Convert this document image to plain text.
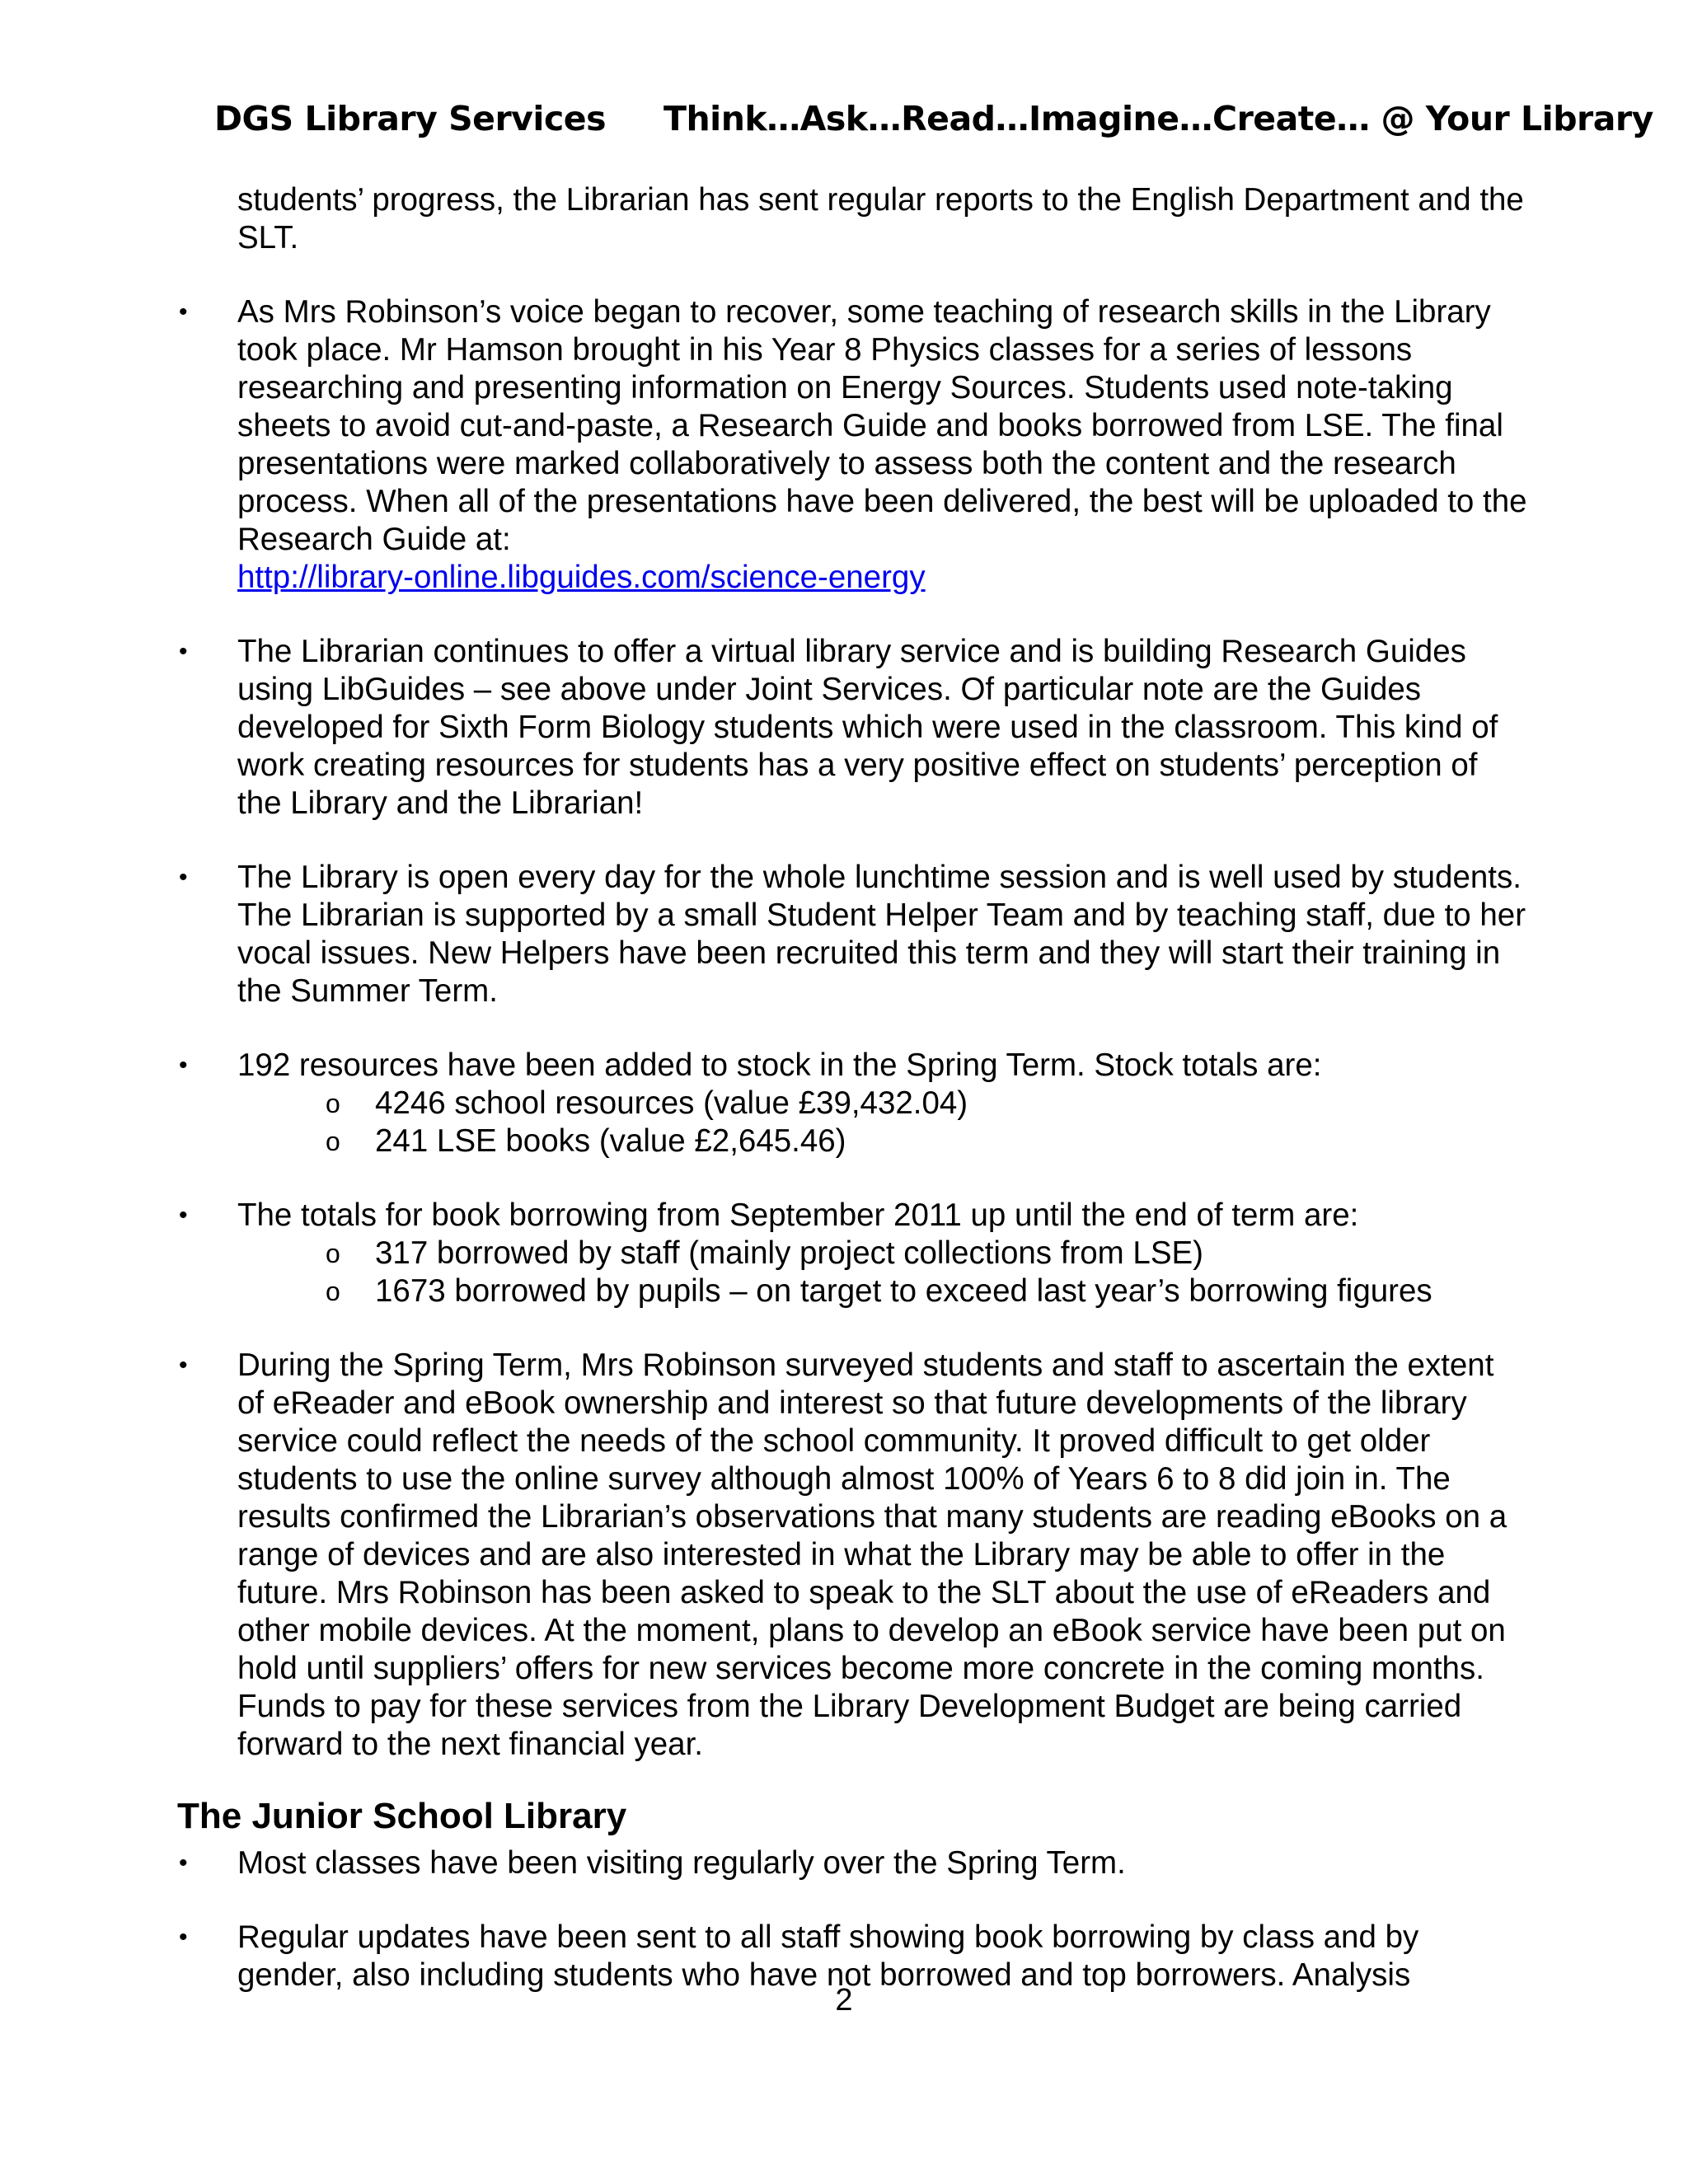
DGS Library Services Think…Ask…Read…Imagine…Create… @ Your Library

students’ progress, the Librarian has sent regular reports to the English Department and the SLT.

•	As Mrs Robinson’s voice began to recover, some teaching of research skills in the Library took place. Mr Hamson brought in his Year 8 Physics classes for a series of lessons researching and presenting information on Energy Sources. Students used note-taking sheets to avoid cut-and-paste, a Research Guide and books borrowed from LSE. The final presentations were marked collaboratively to assess both the content and the research process. When all of the presentations have been delivered, the best will be uploaded to the Research Guide at:
http://library-online.libguides.com/science-energy
•	The Librarian continues to offer a virtual library service and is building Research Guides using LibGuides – see above under Joint Services. Of particular note are the Guides developed for Sixth Form Biology students which were used in the classroom. This kind of work creating resources for students has a very positive effect on students’ perception of the Library and the Librarian!
•	The Library is open every day for the whole lunchtime session and is well used by students. The Librarian is supported by a small Student Helper Team and by teaching staff, due to her vocal issues. New Helpers have been recruited this term and they will start their training in the Summer Term.
•	192 resources have been added to stock in the Spring Term. Stock totals are:
o 4246 school resources (value £39,432.04)
o 241 LSE books (value £2,645.46)
•	The totals for book borrowing from September 2011 up until the end of term are:
o 317 borrowed by staff (mainly project collections from LSE)
o 1673 borrowed by pupils – on target to exceed last year’s borrowing figures
•	During the Spring Term, Mrs Robinson surveyed students and staff to ascertain the extent of eReader and eBook ownership and interest so that future developments of the library service could reflect the needs of the school community. It proved difficult to get older students to use the online survey although almost 100% of Years 6 to 8 did join in. The results confirmed the Librarian’s observations that many students are reading eBooks on a range of devices and are also interested in what the Library may be able to offer in the future. Mrs Robinson has been asked to speak to the SLT about the use of eReaders and other mobile devices. At the moment, plans to develop an eBook service have been put on hold until suppliers’ offers for new services become more concrete in the coming months. Funds to pay for these services from the Library Development Budget are being carried forward to the next financial year.
The Junior School Library
•	Most classes have been visiting regularly over the Spring Term.
•	Regular updates have been sent to all staff showing book borrowing by class and by gender, also including students who have not borrowed and top borrowers. Analysis
2
